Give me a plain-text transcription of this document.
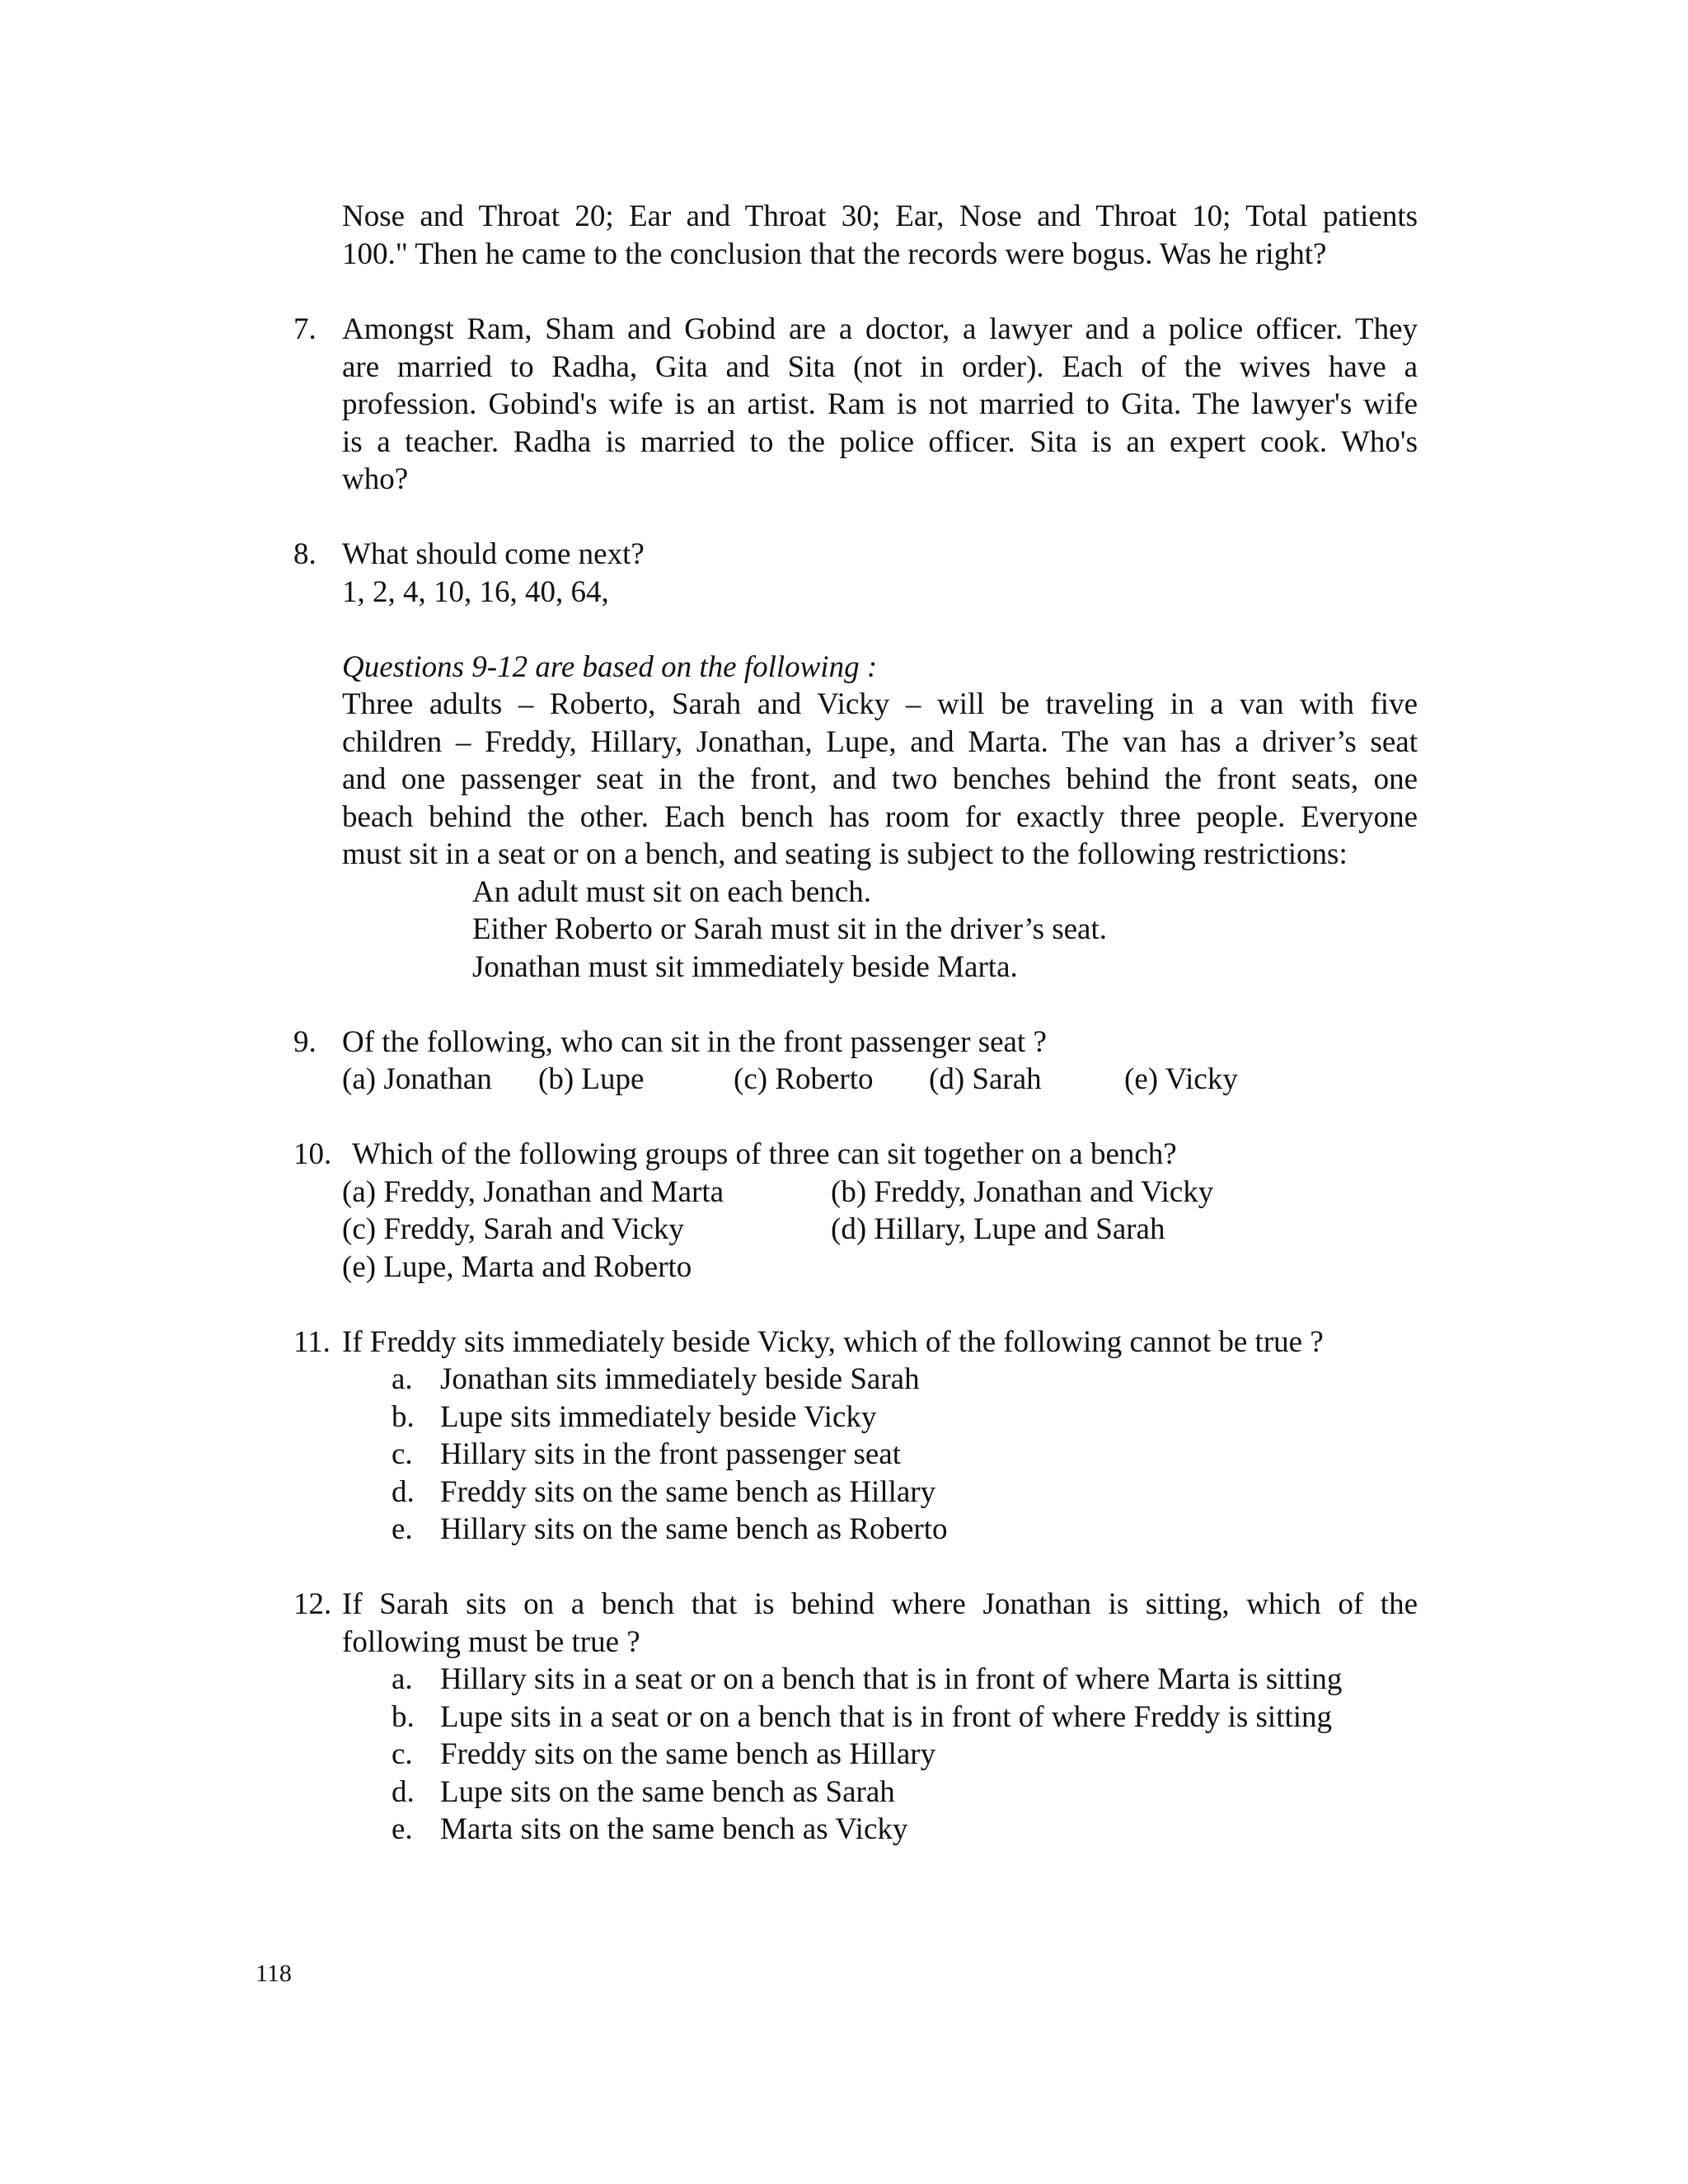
Nose and Throat 20; Ear and Throat 30; Ear, Nose and Throat 10; Total patients
100." Then he came to the conclusion that the records were bogus. Was he right?
7. Amongst Ram, Sham and Gobind are a doctor, a lawyer and a police officer. They
are married to Radha, Gita and Sita (not in order). Each of the wives have a
profession. Gobind's wife is an artist. Ram is not married to Gita. The lawyer's wife
is a teacher. Radha is married to the police officer. Sita is an expert cook. Who's
who?
8. What should come next?
1, 2, 4, 10, 16, 40, 64,
Questions 9-12 are based on the following :
Three adults – Roberto, Sarah and Vicky – will be traveling in a van with five
children – Freddy, Hillary, Jonathan, Lupe, and Marta. The van has a driver’s seat
and one passenger seat in the front, and two benches behind the front seats, one
beach behind the other. Each bench has room for exactly three people. Everyone
must sit in a seat or on a bench, and seating is subject to the following restrictions:
An adult must sit on each bench.
Either Roberto or Sarah must sit in the driver’s seat.
Jonathan must sit immediately beside Marta.
9. Of the following, who can sit in the front passenger seat ?
(a) Jonathan (b) Lupe	(c) Roberto (d) Sarah	(e) Vicky
10. Which of the following groups of three can sit together on a bench?
(a) Freddy, Jonathan and Marta	(b) Freddy, Jonathan and Vicky
(c) Freddy, Sarah and Vicky	(d) Hillary, Lupe and Sarah
(e) Lupe, Marta and Roberto
11. If Freddy sits immediately beside Vicky, which of the following cannot be true ?
a. Jonathan sits immediately beside Sarah
b. Lupe sits immediately beside Vicky
c. Hillary sits in the front passenger seat
d. Freddy sits on the same bench as Hillary
e. Hillary sits on the same bench as Roberto
12. If Sarah sits on a bench that is behind where Jonathan is sitting, which of the
following must be true ?
a. Hillary sits in a seat or on a bench that is in front of where Marta is sitting
b. Lupe sits in a seat or on a bench that is in front of where Freddy is sitting
c. Freddy sits on the same bench as Hillary
d. Lupe sits on the same bench as Sarah
e. Marta sits on the same bench as Vicky
118
